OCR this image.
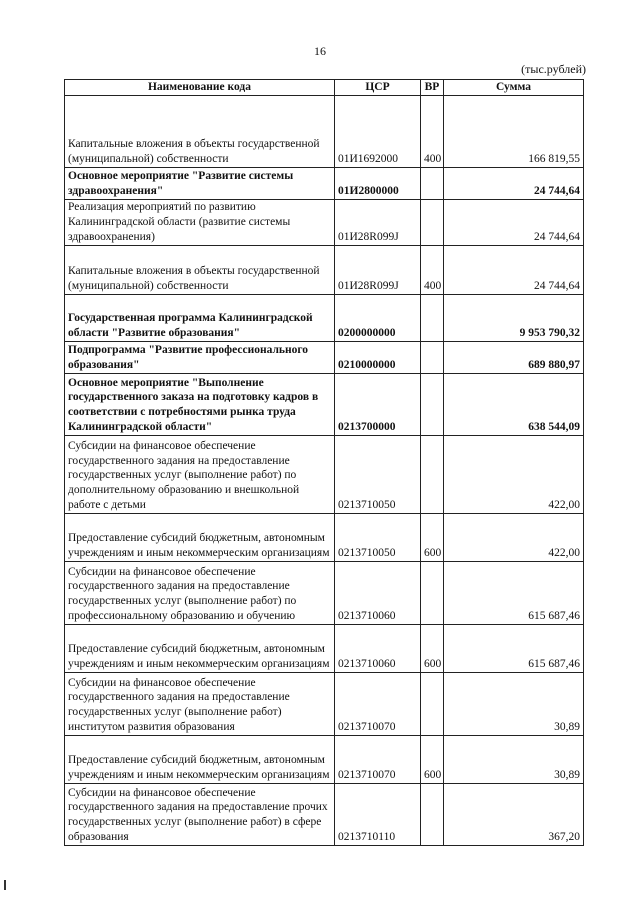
16
(тыс.рублей)
Наименование кода	ЦСР	ВР	Сумма
Капитальные вложения в объекты государственной (муниципальной) собственности	01И1692000	400	166 819,55
Основное мероприятие "Развитие системы здравоохранения"	01И2800000		24 744,64
Реализация мероприятий по развитию Калининградской области (развитие системы здравоохранения)	01И28R099J		24 744,64
Капитальные вложения в объекты государственной (муниципальной) собственности	01И28R099J	400	24 744,64
Государственная программа Калининградской области "Развитие образования"	0200000000		9 953 790,32
Подпрограмма "Развитие профессионального образования"	0210000000		689 880,97
Основное мероприятие "Выполнение государственного заказа на подготовку кадров в соответствии с потребностями рынка труда Калининградской области"	0213700000		638 544,09
Субсидии на финансовое обеспечение государственного задания на предоставление государственных услуг (выполнение работ) по дополнительному образованию и внешкольной работе с детьми	0213710050		422,00
Предоставление субсидий бюджетным, автономным учреждениям и иным некоммерческим организациям	0213710050	600	422,00
Субсидии на финансовое обеспечение государственного задания на предоставление государственных услуг (выполнение работ) по профессиональному образованию и обучению	0213710060		615 687,46
Предоставление субсидий бюджетным, автономным учреждениям и иным некоммерческим организациям	0213710060	600	615 687,46
Субсидии на финансовое обеспечение государственного задания на предоставление государственных услуг (выполнение работ) институтом развития образования	0213710070		30,89
Предоставление субсидий бюджетным, автономным учреждениям и иным некоммерческим организациям	0213710070	600	30,89
Субсидии на финансовое обеспечение государственного задания на предоставление прочих государственных услуг (выполнение работ) в сфере образования	0213710110		367,20
